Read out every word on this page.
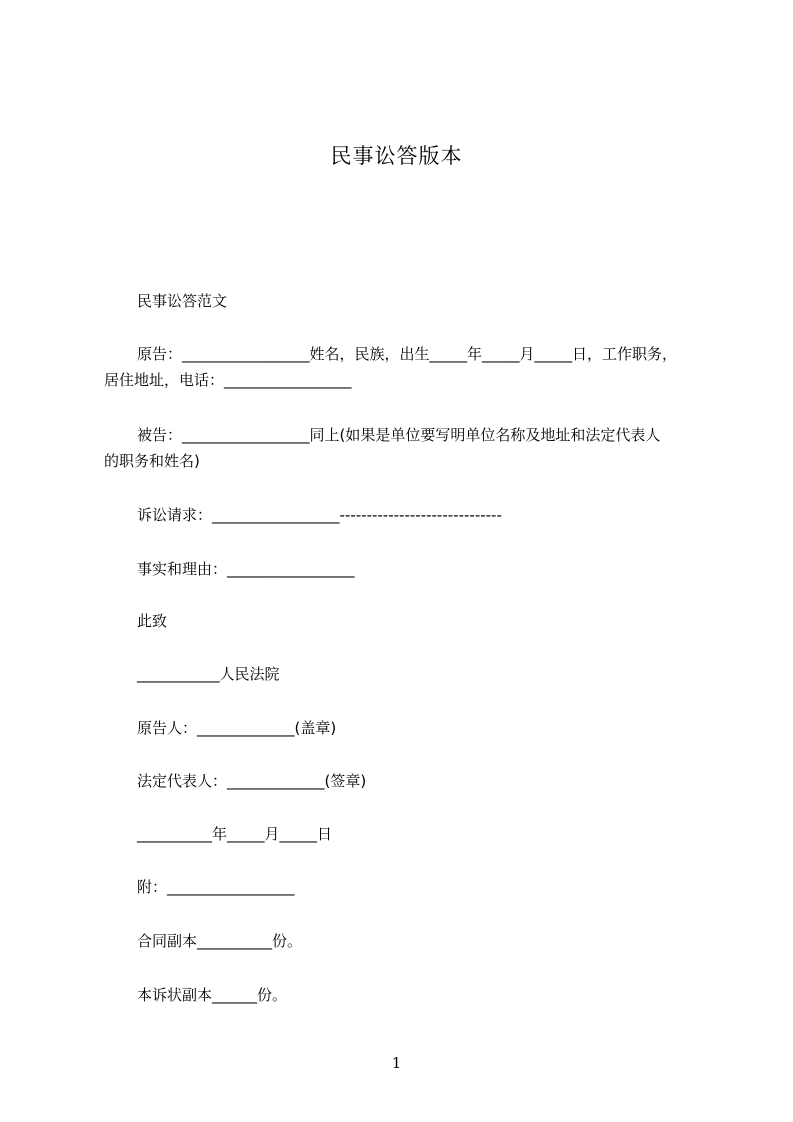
民事讼答版本
民事讼答范文
原告：_________________姓名，民族，出生_____年_____月_____日，工作职务，
居住地址，电话：_________________
被告：_________________同上(如果是单位要写明单位名称及地址和法定代表人
的职务和姓名)
诉讼请求：_________________------------------------------
事实和理由：_________________
此致
___________人民法院
原告人：_____________(盖章)
法定代表人：_____________(签章)
__________年_____月_____日
附：_________________
合同副本__________份。
本诉状副本______份。
1
